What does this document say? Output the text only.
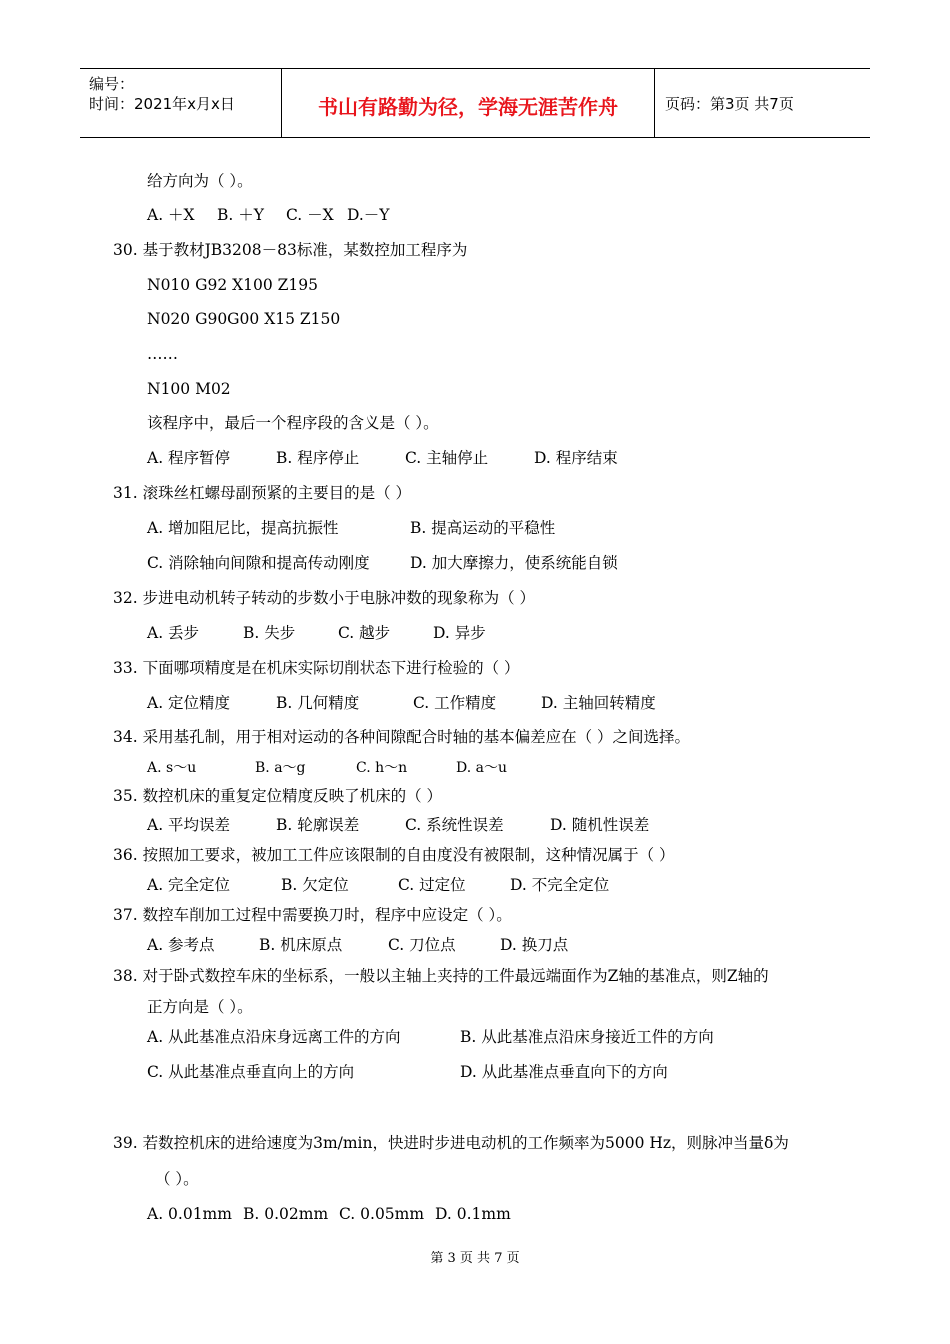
编号：
时间：2021年x月x日	书山有路勤为径，学海无涯苦作舟	页码：第3页 共7页
给方向为（ ）。
A. ＋X B. ＋Y C. －X D.－Y
30. 基于教材JB3208－83标准，某数控加工程序为
N010 G92 X100 Z195
N020 G90G00 X15 Z150
……
N100 M02
该程序中，最后一个程序段的含义是（ ）。
A. 程序暂停	B. 程序停止	C. 主轴停止	D. 程序结束
31. 滚珠丝杠螺母副预紧的主要目的是（ ）
A. 增加阻尼比，提高抗振性	B. 提高运动的平稳性
C. 消除轴向间隙和提高传动刚度	D. 加大摩擦力，使系统能自锁
32. 步进电动机转子转动的步数小于电脉冲数的现象称为（ ）
A. 丢步	B. 失步	C. 越步	D. 异步
33. 下面哪项精度是在机床实际切削状态下进行检验的（ ）
A. 定位精度	B. 几何精度	C. 工作精度	D. 主轴回转精度
34. 采用基孔制，用于相对运动的各种间隙配合时轴的基本偏差应在（ ）之间选择。
A. s～u	B. a～g	C. h～n	D. a～u
35. 数控机床的重复定位精度反映了机床的（ ）
A. 平均误差	B. 轮廓误差	C. 系统性误差	D. 随机性误差
36. 按照加工要求，被加工工件应该限制的自由度没有被限制，这种情况属于（ ）
A. 完全定位	B. 欠定位	C. 过定位	D. 不完全定位
37. 数控车削加工过程中需要换刀时，程序中应设定（ ）。
A. 参考点	B. 机床原点	C. 刀位点	D. 换刀点
38. 对于卧式数控车床的坐标系，一般以主轴上夹持的工件最远端面作为Z轴的基准点，则Z轴的
正方向是（ ）。
A. 从此基准点沿床身远离工件的方向	B. 从此基准点沿床身接近工件的方向
C. 从此基准点垂直向上的方向	D. 从此基准点垂直向下的方向
39. 若数控机床的进给速度为3m/min，快进时步进电动机的工作频率为5000 Hz，则脉冲当量δ为
（ ）。
A. 0.01mm B. 0.02mm C. 0.05mm D. 0.1mm
第 3 页 共 7 页
